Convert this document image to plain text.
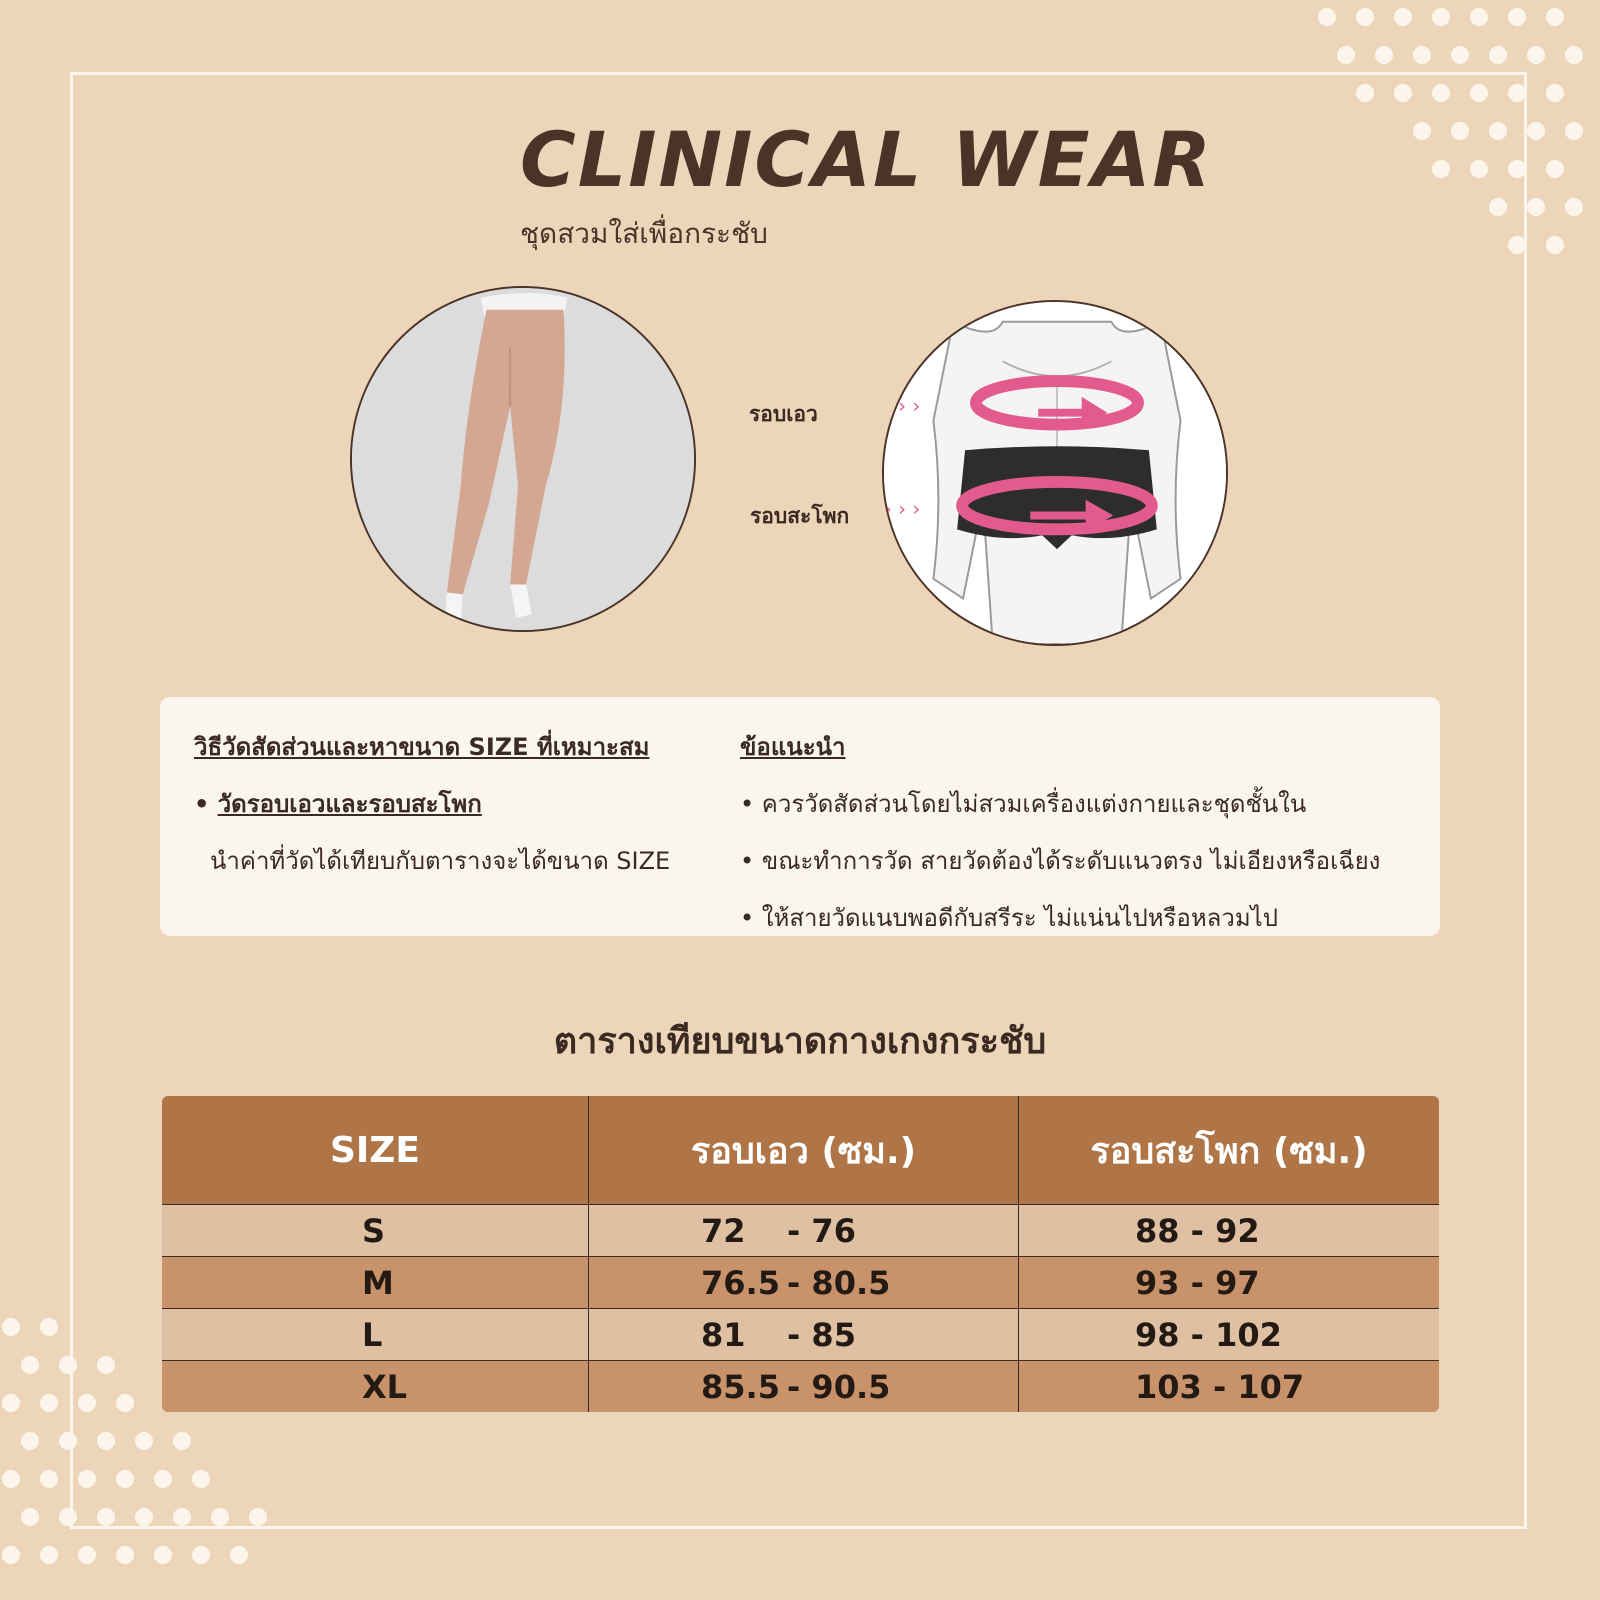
CLINICAL WEAR

ชุดสวมใส่เพื่อกระชับ

รอบเอว
รอบสะโพก
› › ›
› › ›

วิธีวัดสัดส่วนและหาขนาด SIZE ที่เหมาะสม

• วัดรอบเอวและรอบสะโพก

นำค่าที่วัดได้เทียบกับตารางจะได้ขนาด SIZE

ข้อแนะนำ

• ควรวัดสัดส่วนโดยไม่สวมเครื่องแต่งกายและชุดชั้นใน

• ขณะทำการวัด สายวัดต้องได้ระดับแนวตรง ไม่เอียงหรือเฉียง

• ให้สายวัดแนบพอดีกับสรีระ ไม่แน่นไปหรือหลวมไป

ตารางเทียบขนาดกางเกงกระชับ
SIZE	รอบเอว (ซม.)	รอบสะโพก (ซม.)
S	72 - 76	88 - 92
M	76.5 - 80.5	93 - 97
L	81 - 85	98 - 102
XL	85.5 - 90.5	103 - 107
